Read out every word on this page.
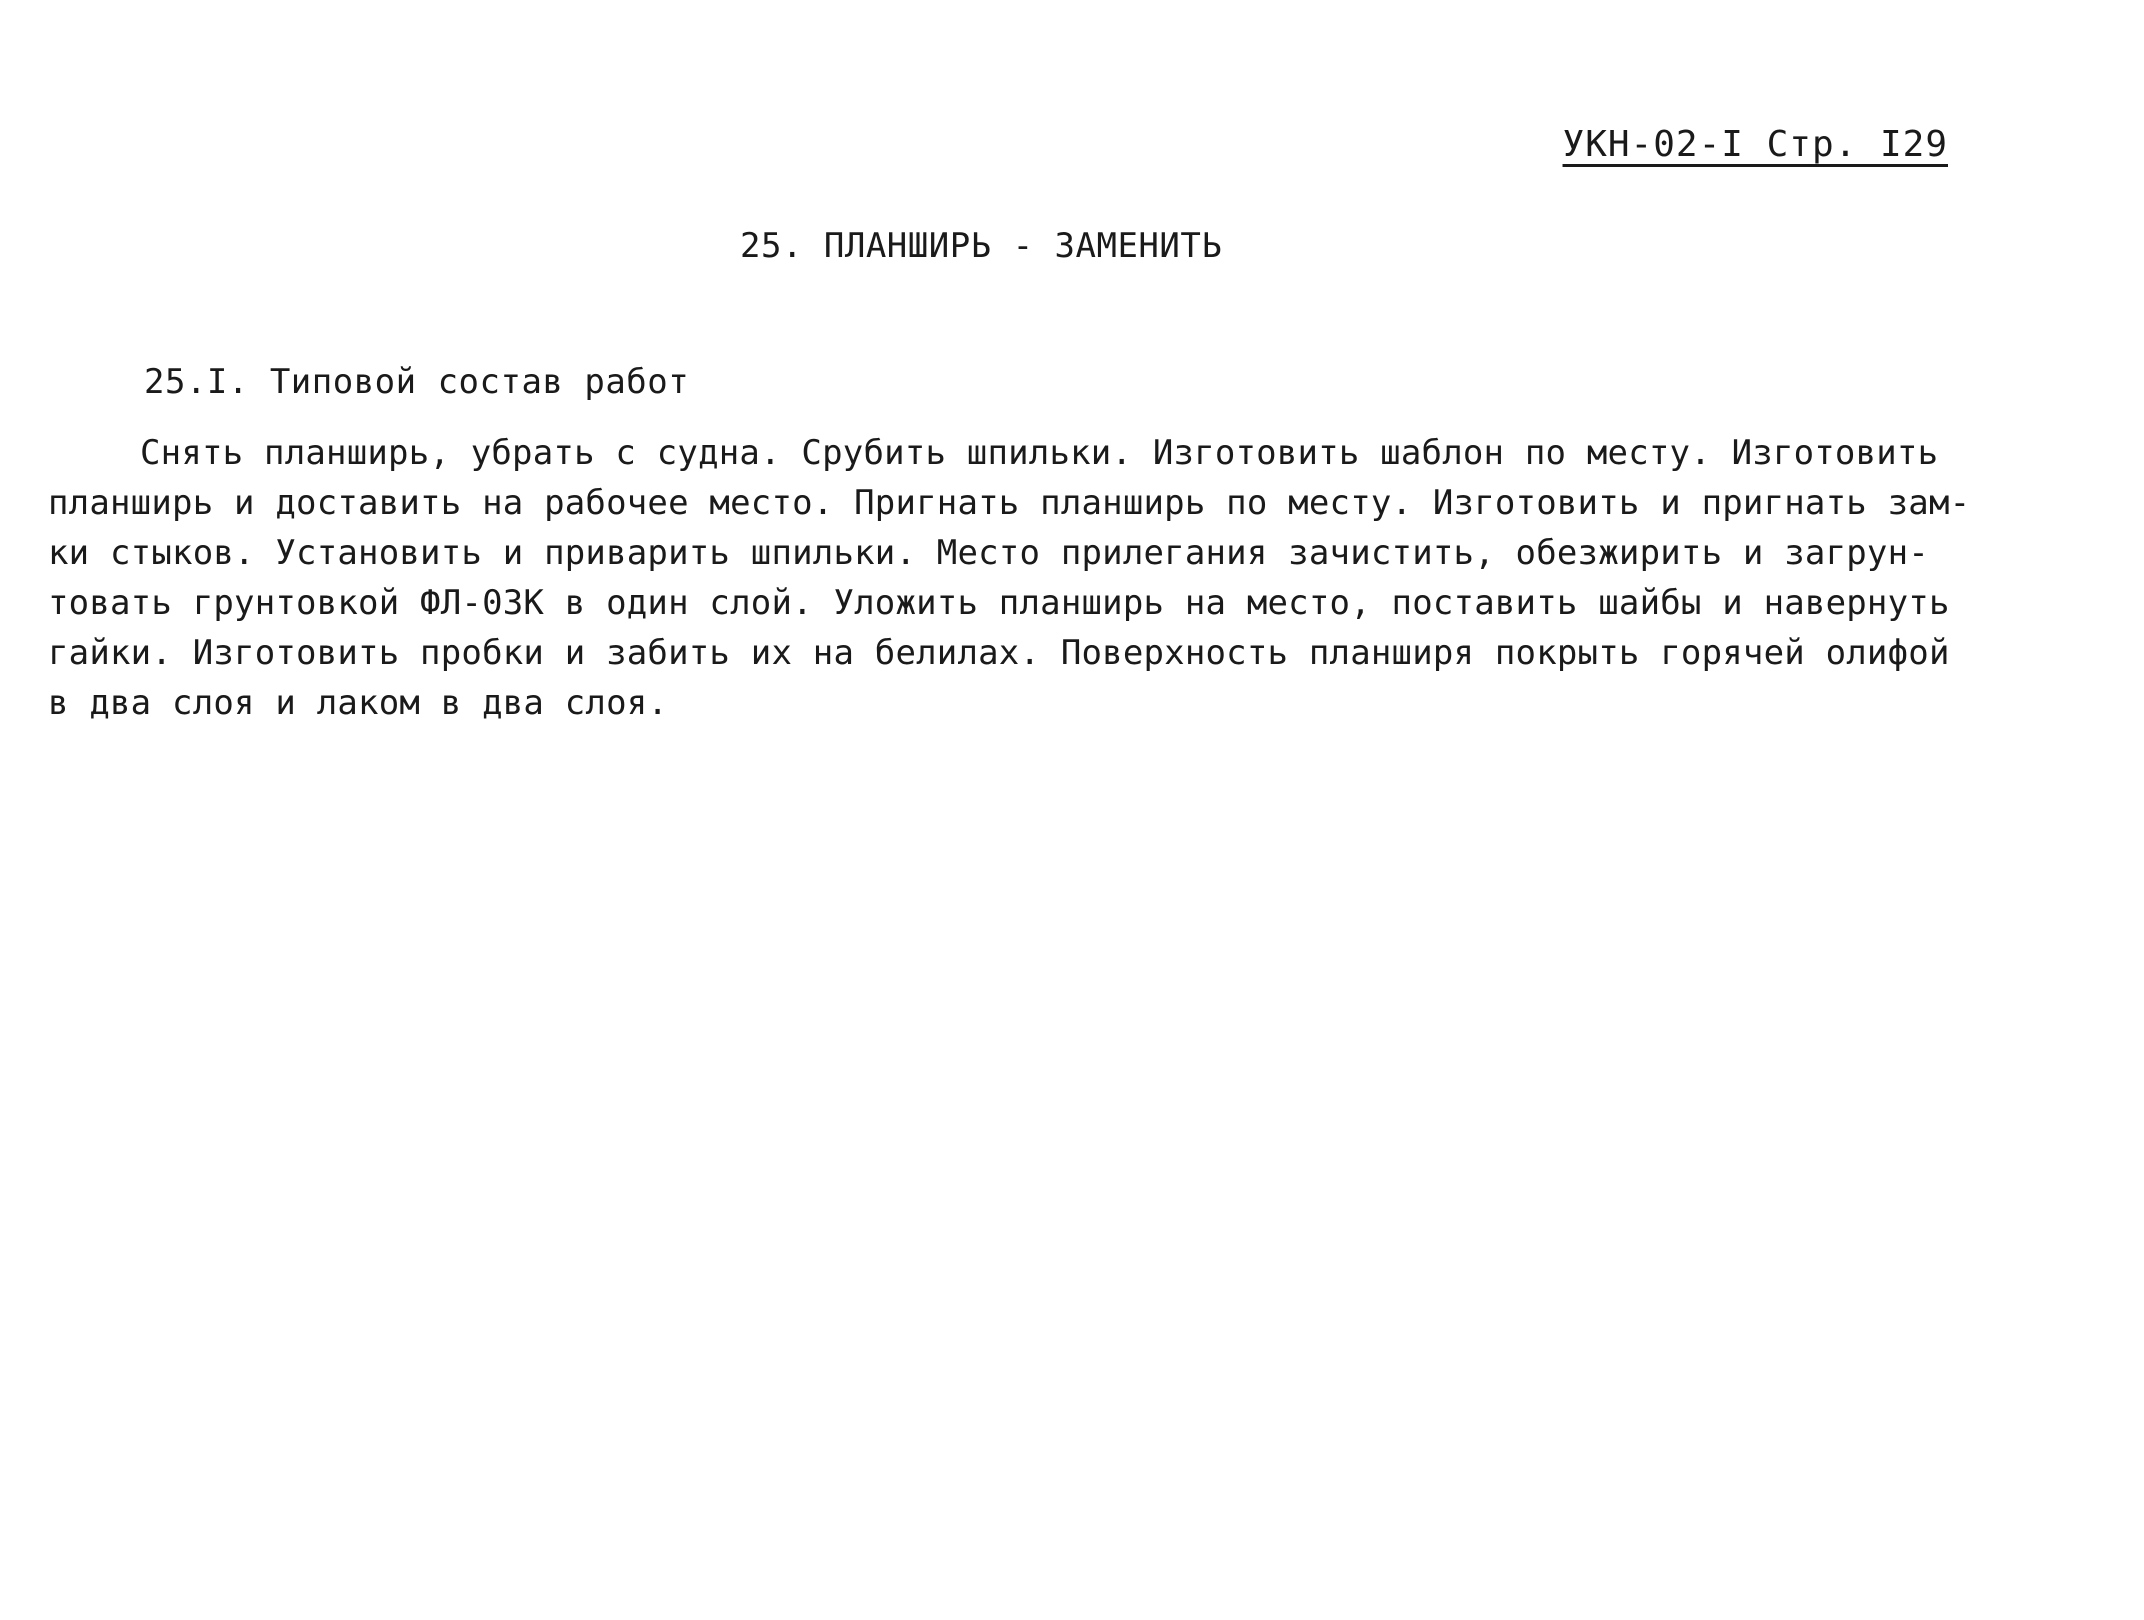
УКН-02-I Стр. I29
25. ПЛАНШИРЬ - ЗАМЕНИТЬ
25.I. Типовой состав работ
Снять планширь, убрать с судна. Срубить шпильки. Изготовить шаблон по месту. Изготовить
планширь и доставить на рабочее место. Пригнать планширь по месту. Изготовить и пригнать зам-
ки стыков. Установить и приварить шпильки. Место прилегания зачистить, обезжирить и загрун-
товать грунтовкой ФЛ-03К в один слой. Уложить планширь на место, поставить шайбы и навернуть
гайки. Изготовить пробки и забить их на белилах. Поверхность планширя покрыть горячей олифой
в два слоя и лаком в два слоя.
